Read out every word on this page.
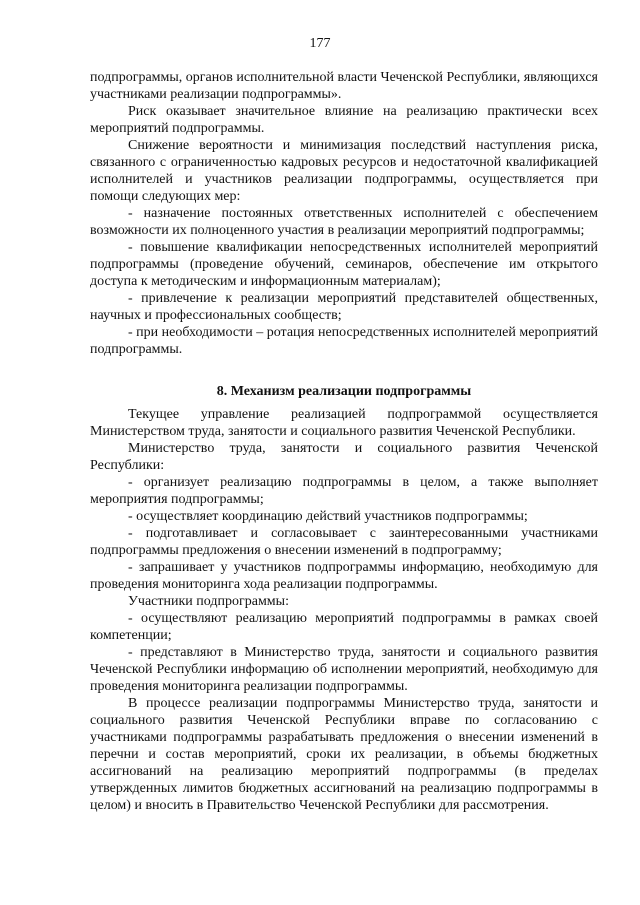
177

подпрограммы, органов исполнительной власти Чеченской Республики, являющихся участниками реализации подпрограммы».

Риск оказывает значительное влияние на реализацию практически всех мероприятий подпрограммы.

Снижение вероятности и минимизация последствий наступления риска, связанного с ограниченностью кадровых ресурсов и недостаточной квалификацией исполнителей и участников реализации подпрограммы, осуществляется при помощи следующих мер:

- назначение постоянных ответственных исполнителей с обеспечением возможности их полноценного участия в реализации мероприятий подпрограммы;

- повышение квалификации непосредственных исполнителей мероприятий подпрограммы (проведение обучений, семинаров, обеспечение им открытого доступа к методическим и информационным материалам);

- привлечение к реализации мероприятий представителей общественных, научных и профессиональных сообществ;

- при необходимости – ротация непосредственных исполнителей мероприятий подпрограммы.

8. Механизм реализации подпрограммы

Текущее управление реализацией подпрограммой осуществляется Министерством труда, занятости и социального развития Чеченской Республики.

Министерство труда, занятости и социального развития Чеченской Республики:

- организует реализацию подпрограммы в целом, а также выполняет мероприятия подпрограммы;

- осуществляет координацию действий участников подпрограммы;

- подготавливает и согласовывает с заинтересованными участниками подпрограммы предложения о внесении изменений в подпрограмму;

- запрашивает у участников подпрограммы информацию, необходимую для проведения мониторинга хода реализации подпрограммы.

Участники подпрограммы:

- осуществляют реализацию мероприятий подпрограммы в рамках своей компетенции;

- представляют в Министерство труда, занятости и социального развития Чеченской Республики информацию об исполнении мероприятий, необходимую для проведения мониторинга реализации подпрограммы.

В процессе реализации подпрограммы Министерство труда, занятости и социального развития Чеченской Республики вправе по согласованию с участниками подпрограммы разрабатывать предложения о внесении изменений в перечни и состав мероприятий, сроки их реализации, в объемы бюджетных ассигнований на реализацию мероприятий подпрограммы (в пределах утвержденных лимитов бюджетных ассигнований на реализацию подпрограммы в целом) и вносить в Правительство Чеченской Республики для рассмотрения.
